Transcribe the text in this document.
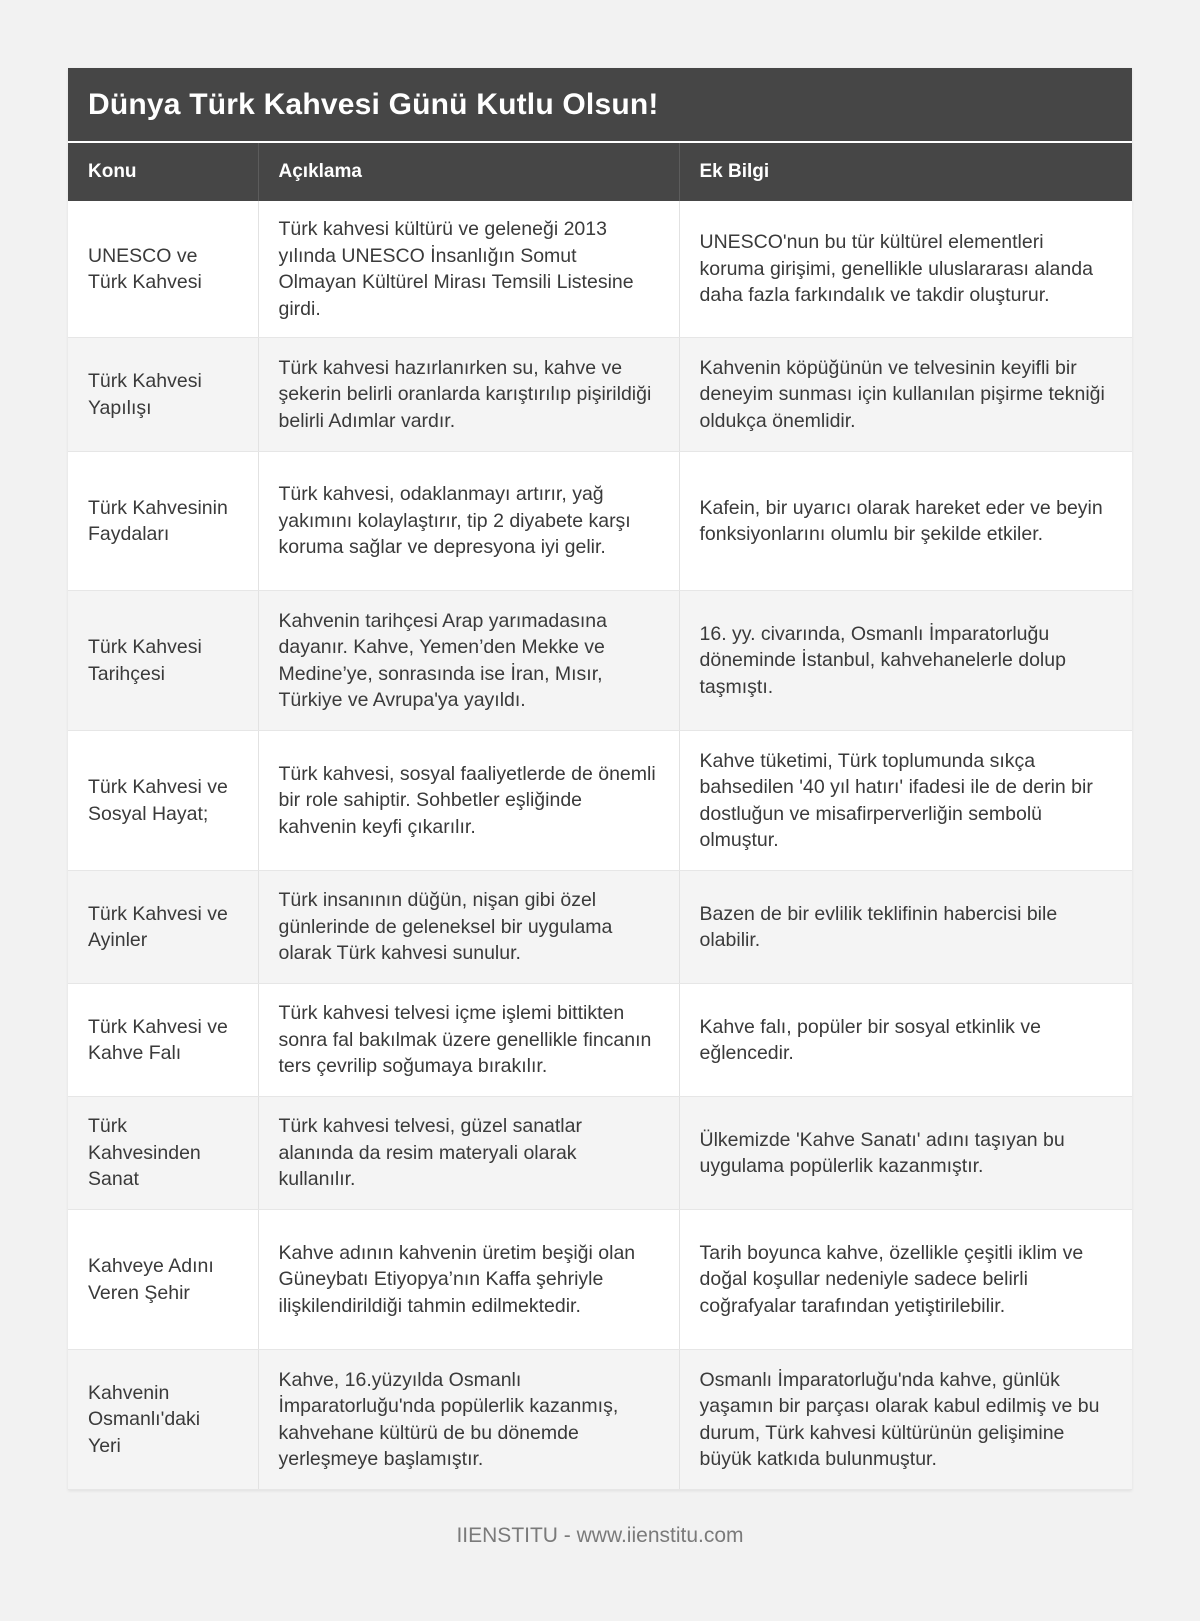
Dünya Türk Kahvesi Günü Kutlu Olsun!
Konu	Açıklama	Ek Bilgi
UNESCO ve Türk Kahvesi	Türk kahvesi kültürü ve geleneği 2013 yılında UNESCO İnsanlığın Somut Olmayan Kültürel Mirası Temsili Listesine girdi.	UNESCO'nun bu tür kültürel elementleri koruma girişimi, genellikle uluslararası alanda daha fazla farkındalık ve takdir oluşturur.
Türk Kahvesi Yapılışı	Türk kahvesi hazırlanırken su, kahve ve şekerin belirli oranlarda karıştırılıp pişirildiği belirli Adımlar vardır.	Kahvenin köpüğünün ve telvesinin keyifli bir deneyim sunması için kullanılan pişirme tekniği oldukça önemlidir.
Türk Kahvesinin Faydaları	Türk kahvesi, odaklanmayı artırır, yağ yakımını kolaylaştırır, tip 2 diyabete karşı koruma sağlar ve depresyona iyi gelir.	Kafein, bir uyarıcı olarak hareket eder ve beyin fonksiyonlarını olumlu bir şekilde etkiler.
Türk Kahvesi Tarihçesi	Kahvenin tarihçesi Arap yarımadasına dayanır. Kahve, Yemen’den Mekke ve Medine’ye, sonrasında ise İran, Mısır, Türkiye ve Avrupa'ya yayıldı.	16. yy. civarında, Osmanlı İmparatorluğu döneminde İstanbul, kahvehanelerle dolup taşmıştı.
Türk Kahvesi ve Sosyal Hayat;	Türk kahvesi, sosyal faaliyetlerde de önemli bir role sahiptir. Sohbetler eşliğinde kahvenin keyfi çıkarılır.	Kahve tüketimi, Türk toplumunda sıkça bahsedilen '40 yıl hatırı' ifadesi ile de derin bir dostluğun ve misafirperverliğin sembolü olmuştur.
Türk Kahvesi ve Ayinler	Türk insanının düğün, nişan gibi özel günlerinde de geleneksel bir uygulama olarak Türk kahvesi sunulur.	Bazen de bir evlilik teklifinin habercisi bile olabilir.
Türk Kahvesi ve Kahve Falı	Türk kahvesi telvesi içme işlemi bittikten sonra fal bakılmak üzere genellikle fincanın ters çevrilip soğumaya bırakılır.	Kahve falı, popüler bir sosyal etkinlik ve eğlencedir.
Türk Kahvesinden Sanat	Türk kahvesi telvesi, güzel sanatlar alanında da resim materyali olarak kullanılır.	Ülkemizde 'Kahve Sanatı' adını taşıyan bu uygulama popülerlik kazanmıştır.
Kahveye Adını Veren Şehir	Kahve adının kahvenin üretim beşiği olan Güneybatı Etiyopya’nın Kaffa şehriyle ilişkilendirildiği tahmin edilmektedir.	Tarih boyunca kahve, özellikle çeşitli iklim ve doğal koşullar nedeniyle sadece belirli coğrafyalar tarafından yetiştirilebilir.
Kahvenin Osmanlı'daki Yeri	Kahve, 16.yüzyılda Osmanlı İmparatorluğu'nda popülerlik kazanmış, kahvehane kültürü de bu dönemde yerleşmeye başlamıştır.	Osmanlı İmparatorluğu'nda kahve, günlük yaşamın bir parçası olarak kabul edilmiş ve bu durum, Türk kahvesi kültürünün gelişimine büyük katkıda bulunmuştur.
IIENSTITU - www.iienstitu.com
